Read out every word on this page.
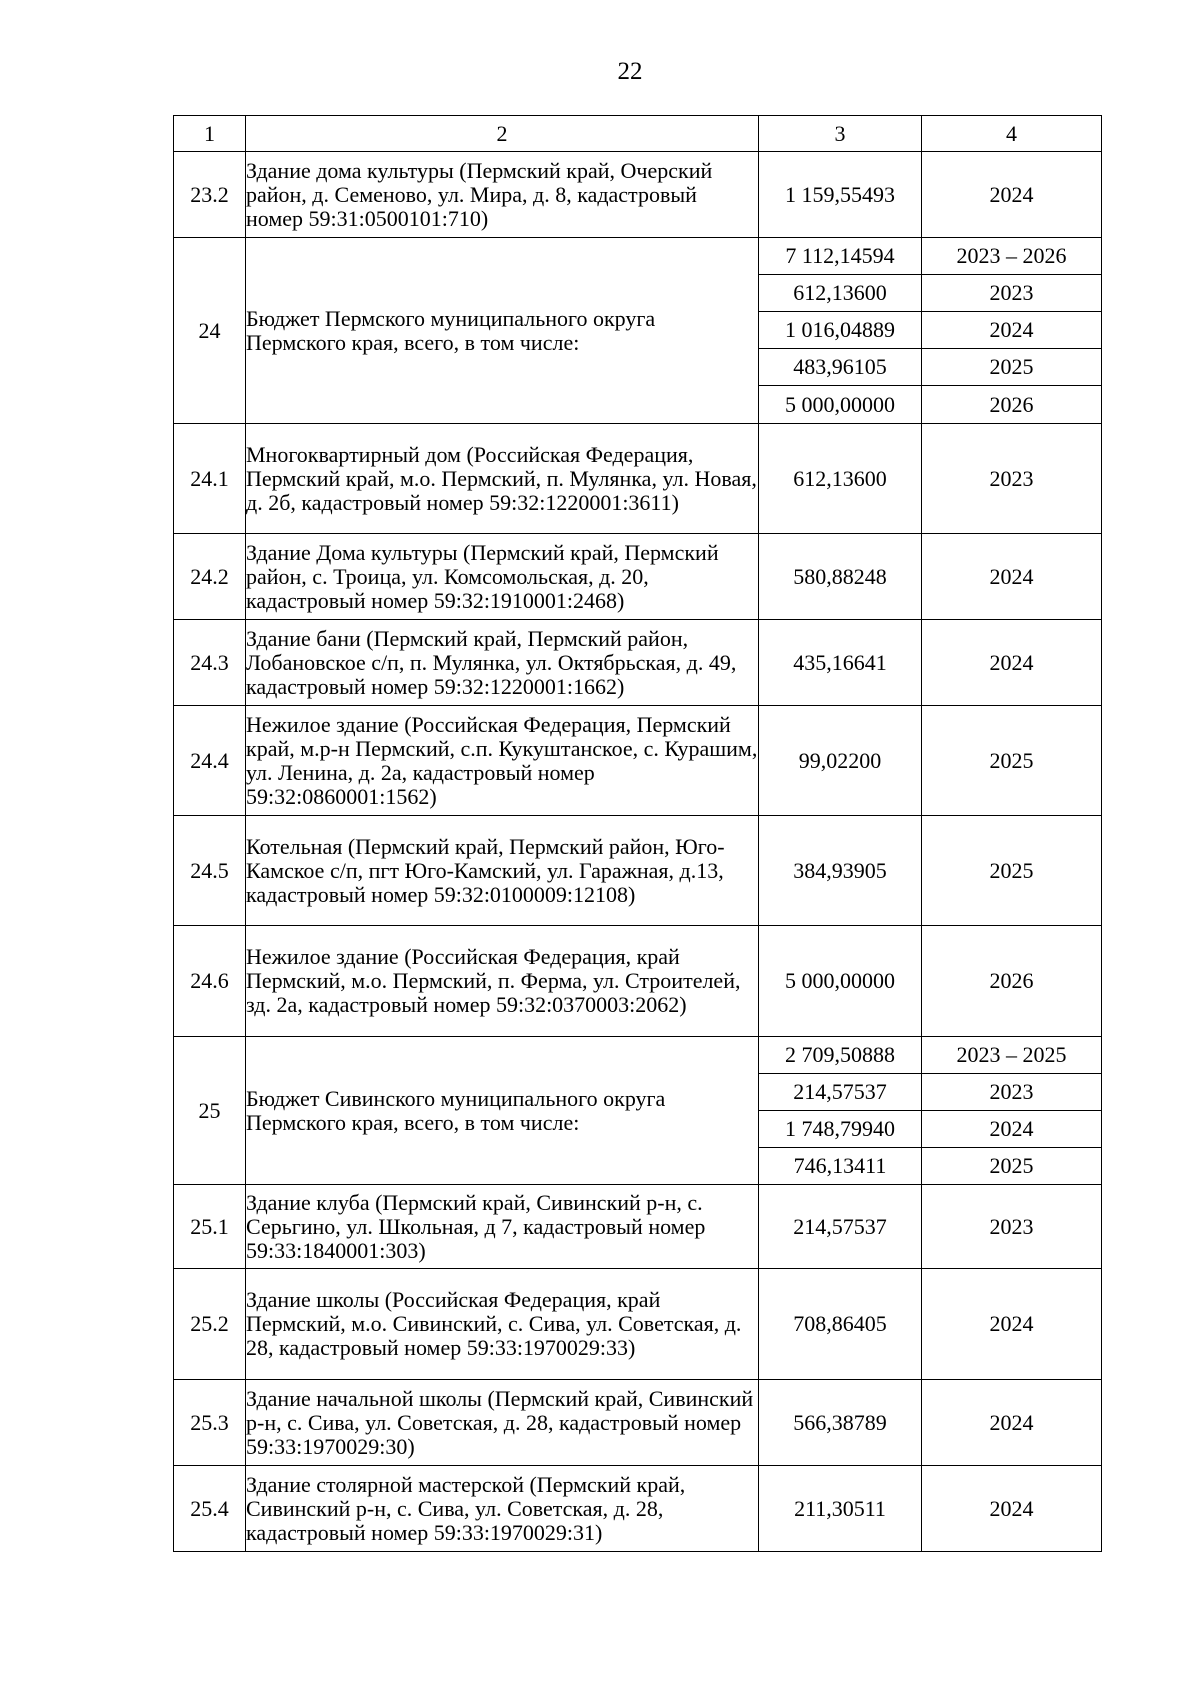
22
1	2	3	4
23.2	Здание дома культуры (Пермский край, Очерский район, д. Семеново, ул. Мира, д. 8, кадастровый номер 59:31:0500101:710)	1 159,55493	2024
24	Бюджет Пермского муниципального округа Пермского края, всего, в том числе:	7 112,14594	2023 – 2026
		612,13600	2023
		1 016,04889	2024
		483,96105	2025
		5 000,00000	2026
24.1	Многоквартирный дом (Российская Федерация, Пермский край, м.о. Пермский, п. Мулянка, ул. Новая, д. 2б, кадастровый номер 59:32:1220001:3611)	612,13600	2023
24.2	Здание Дома культуры (Пермский край, Пермский район, с. Троица, ул. Комсомольская, д. 20, кадастровый номер 59:32:1910001:2468)	580,88248	2024
24.3	Здание бани (Пермский край, Пермский район, Лобановское с/п, п. Мулянка, ул. Октябрьская, д. 49, кадастровый номер 59:32:1220001:1662)	435,16641	2024
24.4	Нежилое здание (Российская Федерация, Пермский край, м.р-н Пермский, с.п. Кукуштанское, с. Курашим, ул. Ленина, д. 2а, кадастровый номер 59:32:0860001:1562)	99,02200	2025
24.5	Котельная (Пермский край, Пермский район, Юго-Камское с/п, пгт Юго-Камский, ул. Гаражная, д.13, кадастровый номер 59:32:0100009:12108)	384,93905	2025
24.6	Нежилое здание (Российская Федерация, край Пермский, м.о. Пермский, п. Ферма, ул. Строителей, зд. 2а, кадастровый номер 59:32:0370003:2062)	5 000,00000	2026
25	Бюджет Сивинского муниципального округа Пермского края, всего, в том числе:	2 709,50888	2023 – 2025
		214,57537	2023
		1 748,79940	2024
		746,13411	2025
25.1	Здание клуба (Пермский край, Сивинский р-н, с. Серьгино, ул. Школьная, д 7, кадастровый номер 59:33:1840001:303)	214,57537	2023
25.2	Здание школы (Российская Федерация, край Пермский, м.о. Сивинский, с. Сива, ул. Советская, д. 28, кадастровый номер 59:33:1970029:33)	708,86405	2024
25.3	Здание начальной школы (Пермский край, Сивинский р-н, с. Сива, ул. Советская, д. 28, кадастровый номер 59:33:1970029:30)	566,38789	2024
25.4	Здание столярной мастерской (Пермский край, Сивинский р-н, с. Сива, ул. Советская, д. 28, кадастровый номер 59:33:1970029:31)	211,30511	2024
